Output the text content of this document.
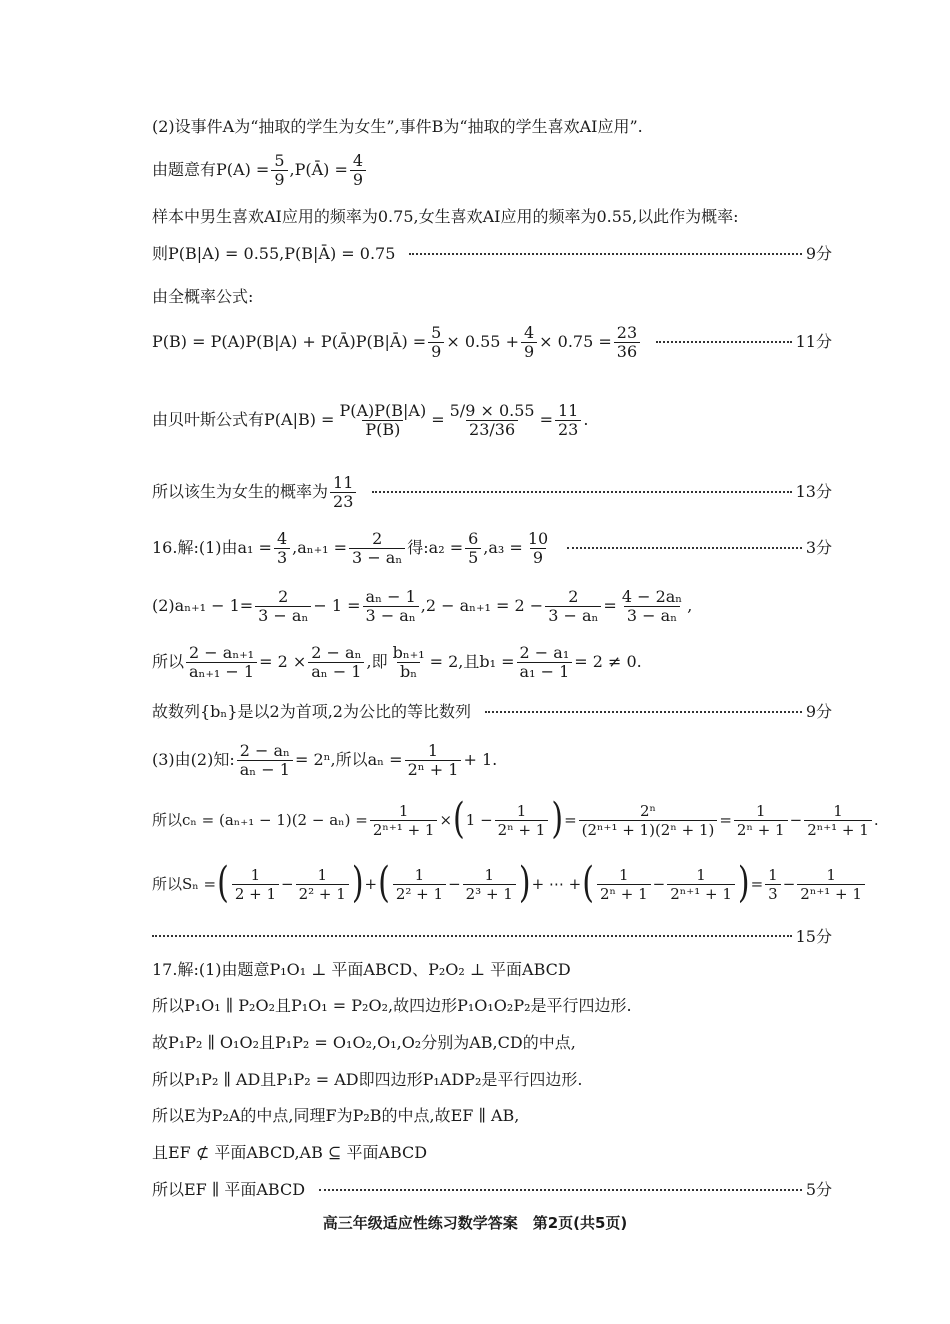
(2)设事件A为“抽取的学生为女生”,事件B为“抽取的学生喜欢AI应用”.
由题意有$P(A) = \frac{5}{9}$ ,P(Ā) = $\frac{4}{9}$
样本中男生喜欢AI应用的频率为0.75,女生喜欢AI应用的频率为0.55,以此作为概率:
则P(B|A) = 0.55,P(B|Ā) = 0.75	9分
由全概率公式:
P(B) = P(A)P(B|A) + P(Ā)P(B|Ā) = $\frac{5}{9} \times 0.55 + \frac{4}{9} \times 0.75 = \frac{23}{36}$	11分
由贝叶斯公式有$P(A|B) = \frac{P(A)P(B|A)}{P(B)} = \frac{5/9 \times 0.55}{23/36} = \frac{11}{23}$ .
所以该生为女生的概率为 $\frac{11}{23}$	13分
16.解:(1)由$a_1 = \frac{4}{3} ,a_{n+1} = \frac{2}{\text{3 − aₙ}}$ 得:a₂ = $\frac{6}{5} ,a_3 = \frac{10}{9}$	3分
$(2)a_{n+1} - 1= \frac{2}{\text{3 − aₙ}} - 1 = \frac{\text{aₙ − 1}}{\text{3 − aₙ}} ,2 - a_{n+1} = 2 - \frac{2}{\text{3 − aₙ}} = \frac{\text{4 − 2aₙ}}{\text{3 − aₙ}}$ ,
所以 $\frac{\text{2 − aₙ₊₁}}{\text{aₙ₊₁ − 1}} = 2 \times \frac{\text{2 − aₙ}}{\text{aₙ − 1}}$ ,即 $\frac{\text{bₙ₊₁}}{\text{bₙ}} = 2$,且$b_1 = \frac{\text{2 − a₁}}{\text{a₁ − 1}} = 2 \ne 0$.
故数列{bₙ}是以2为首项,2为公比的等比数列	9分
(3)由(2)知: $\frac{\text{2 − aₙ}}{\text{aₙ − 1}} = 2^n$,所以$a_n = \frac{1}{\text{2ⁿ + 1}} + 1$.
所以$c_n = (a_{n+1} - 1)(2 - a_n) = \frac{1}{\text{2ⁿ⁺¹ + 1}}$ × ( $1 - \frac{1}{\text{2ⁿ + 1}}$ ) = $\frac{\text{2ⁿ}}{\text{(2ⁿ⁺¹ + 1)(2ⁿ + 1)}} = \frac{1}{\text{2ⁿ + 1}} - \frac{1}{\text{2ⁿ⁺¹ + 1}}$ .
所以Sₙ = ( $\frac{1}{2 + 1} - \frac{1}{\text{2² + 1}}$ ) + ( $\frac{1}{\text{2² + 1}} - \frac{1}{\text{2³ + 1}}$ ) + ⋯ + ( $\frac{1}{\text{2ⁿ + 1}} - \frac{1}{\text{2ⁿ⁺¹ + 1}}$ ) = $\frac{1}{3} - \frac{1}{\text{2ⁿ⁺¹ + 1}}$
15分
17.解:(1)由题意P₁O₁ ⊥ 平面ABCD、P₂O₂ ⊥ 平面ABCD
所以P₁O₁ ∥ P₂O₂且P₁O₁ = P₂O₂,故四边形P₁O₁O₂P₂是平行四边形.
故P₁P₂ ∥ O₁O₂且P₁P₂ = O₁O₂,O₁,O₂分别为AB,CD的中点,
所以P₁P₂ ∥ AD且P₁P₂ = AD即四边形P₁ADP₂是平行四边形.
所以E为P₂A的中点,同理F为P₂B的中点,故EF ∥ AB,
且EF ⊄ 平面ABCD,AB ⊆ 平面ABCD
所以EF ∥ 平面ABCD	5分
高三年级适应性练习数学答案　第2页(共5页)
